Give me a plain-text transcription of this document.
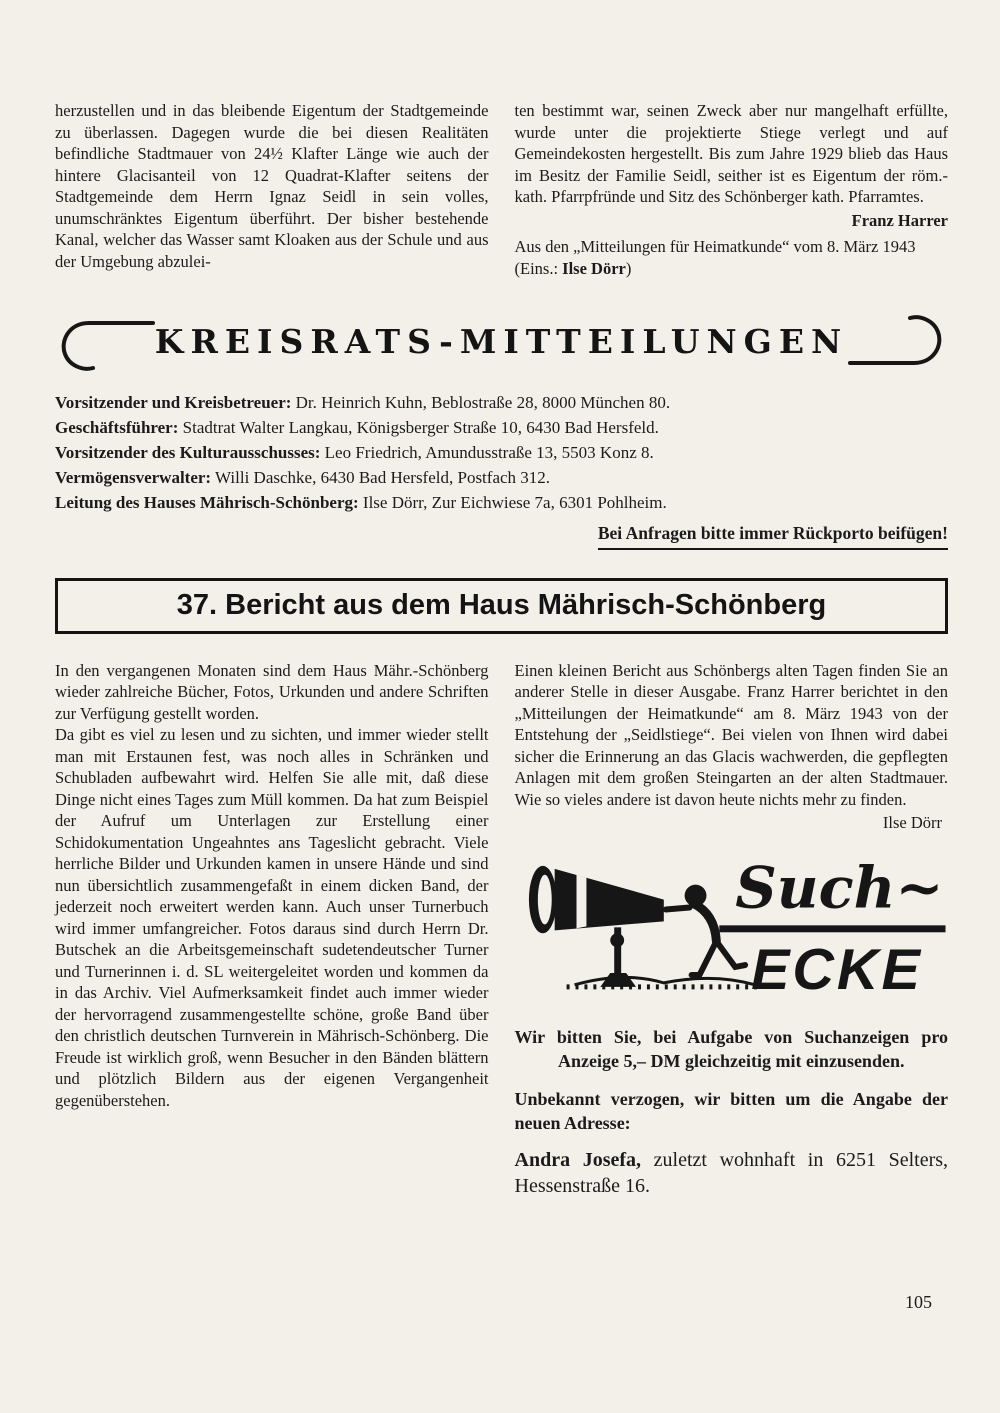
herzustellen und in das bleibende Eigentum der Stadtgemeinde zu überlassen. Dagegen wurde die bei diesen Realitäten befindliche Stadtmauer von 24½ Klafter Länge wie auch der hintere Glacisanteil von 12 Quadrat-Klafter seitens der Stadtgemeinde dem Herrn Ignaz Seidl in sein volles, unumschränktes Eigentum überführt. Der bisher bestehende Kanal, welcher das Wasser samt Kloaken aus der Schule und aus der Umgebung abzulei-

ten bestimmt war, seinen Zweck aber nur mangelhaft erfüllte, wurde unter die projektierte Stiege verlegt und auf Gemeindekosten hergestellt. Bis zum Jahre 1929 blieb das Haus im Besitz der Familie Seidl, seither ist es Eigentum der röm.-kath. Pfarrpfründe und Sitz des Schönberger kath. Pfarramtes.

Franz Harrer

Aus den „Mitteilungen für Heimatkunde“ vom 8. März 1943 (Eins.: Ilse Dörr)

KREISRATS-MITTEILUNGEN

Vorsitzender und Kreisbetreuer: Dr. Heinrich Kuhn, Beblostraße 28, 8000 München 80.

Geschäftsführer: Stadtrat Walter Langkau, Königsberger Straße 10, 6430 Bad Hersfeld.

Vorsitzender des Kulturausschusses: Leo Friedrich, Amundusstraße 13, 5503 Konz 8.

Vermögensverwalter: Willi Daschke, 6430 Bad Hersfeld, Postfach 312.

Leitung des Hauses Mährisch-Schönberg: Ilse Dörr, Zur Eichwiese 7a, 6301 Pohlheim.

Bei Anfragen bitte immer Rückporto beifügen!
37. Bericht aus dem Haus Mährisch-Schönberg

In den vergangenen Monaten sind dem Haus Mähr.-Schönberg wieder zahlreiche Bücher, Fotos, Urkunden und andere Schriften zur Verfügung gestellt worden.

Da gibt es viel zu lesen und zu sichten, und immer wieder stellt man mit Erstaunen fest, was noch alles in Schränken und Schubladen aufbewahrt wird. Helfen Sie alle mit, daß diese Dinge nicht eines Tages zum Müll kommen. Da hat zum Beispiel der Aufruf um Unterlagen zur Erstellung einer Schidokumentation Ungeahntes ans Tageslicht gebracht. Viele herrliche Bilder und Urkunden kamen in unsere Hände und sind nun übersichtlich zusammengefaßt in einem dicken Band, der jederzeit noch erweitert werden kann. Auch unser Turnerbuch wird immer umfangreicher. Fotos daraus sind durch Herrn Dr. Butschek an die Arbeitsgemeinschaft sudetendeutscher Turner und Turnerinnen i. d. SL weitergeleitet worden und kommen da in das Archiv. Viel Aufmerksamkeit findet auch immer wieder der hervorragend zusammengestellte schöne, große Band über den christlich deutschen Turnverein in Mährisch-Schönberg. Die Freude ist wirklich groß, wenn Besucher in den Bänden blättern und plötzlich Bildern aus der eigenen Vergangenheit gegenüberstehen.

Einen kleinen Bericht aus Schönbergs alten Tagen finden Sie an anderer Stelle in dieser Ausgabe. Franz Harrer berichtet in den „Mitteilungen der Heimatkunde“ am 8. März 1943 von der Entstehung der „Seidlstiege“. Bei vielen von Ihnen wird dabei sicher die Erinnerung an das Glacis wachwerden, die gepflegten Anlagen mit dem großen Steingarten an der alten Stadtmauer. Wie so vieles andere ist davon heute nichts mehr zu finden.

Ilse Dörr

Such~
ECKE

Wir bitten Sie, bei Aufgabe von Suchanzeigen pro Anzeige 5,– DM gleichzeitig mit einzusenden.

Unbekannt verzogen, wir bitten um die Angabe der neuen Adresse:

Andra Josefa, zuletzt wohnhaft in 6251 Selters, Hessenstraße 16.

105
